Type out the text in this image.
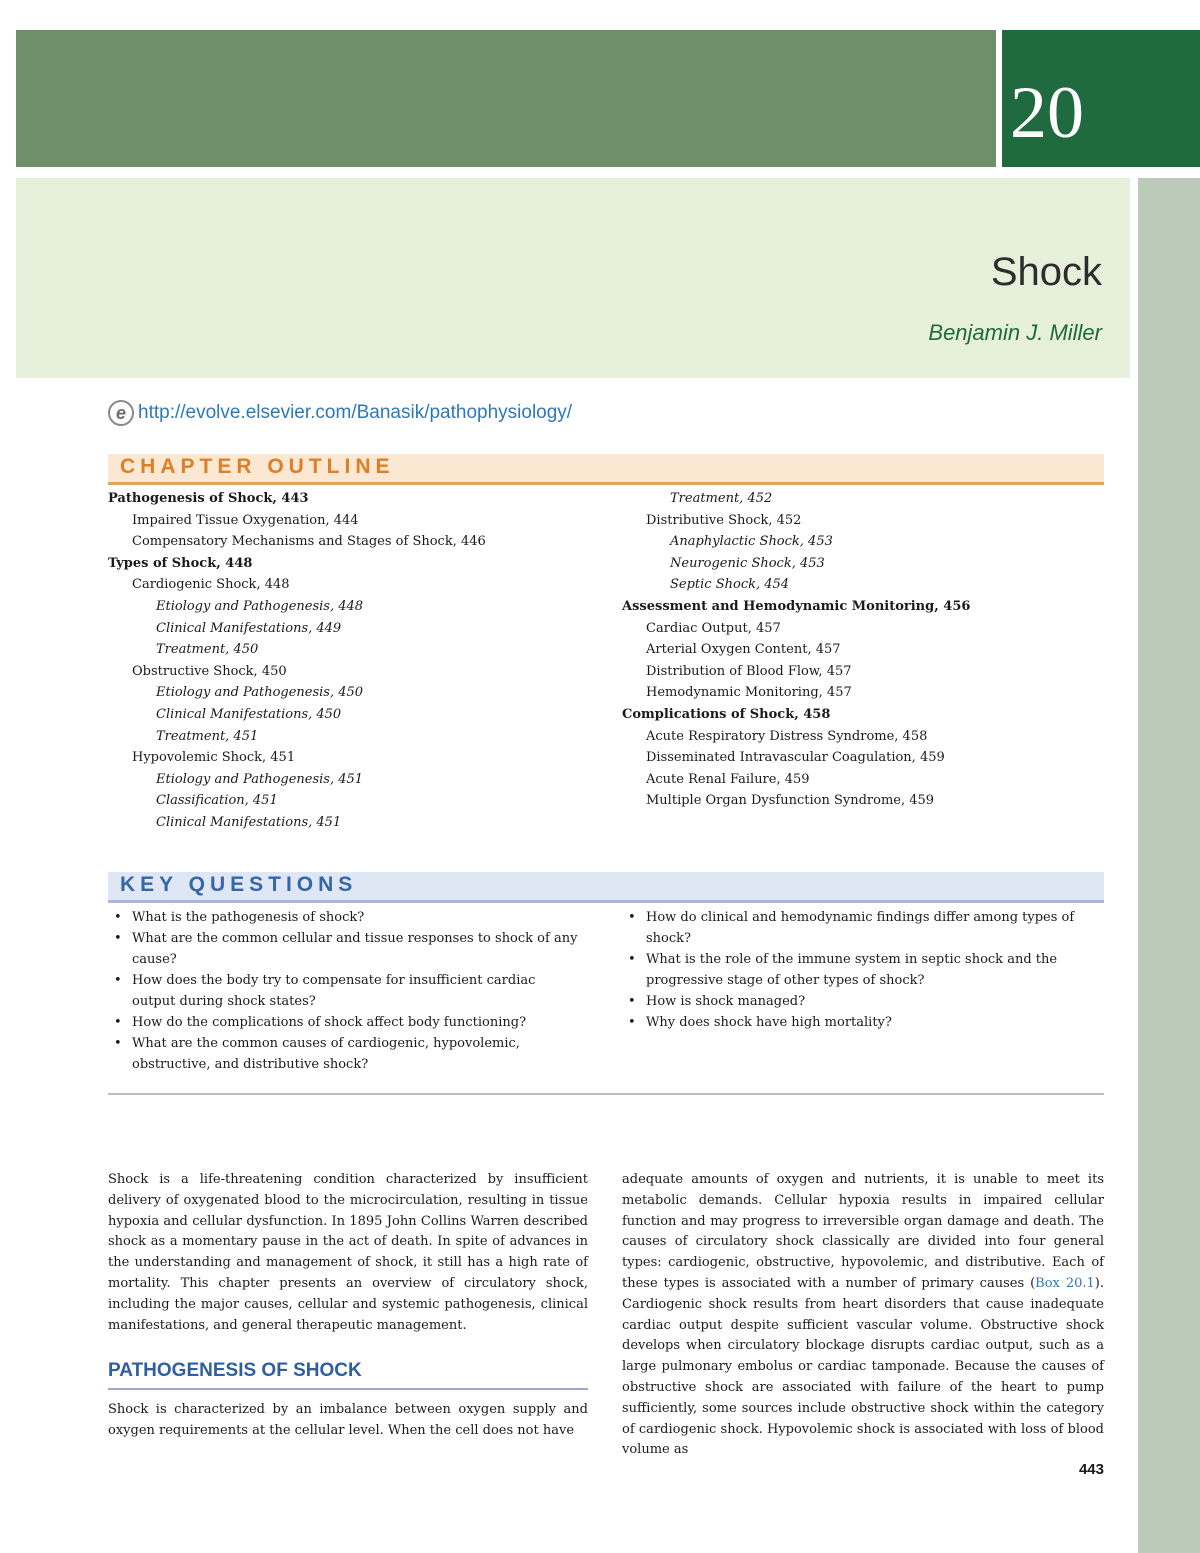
20
Shock
Benjamin J. Miller
e http://evolve.elsevier.com/Banasik/pathophysiology/
CHAPTER OUTLINE
Pathogenesis of Shock, 443
Impaired Tissue Oxygenation, 444
Compensatory Mechanisms and Stages of Shock, 446
Types of Shock, 448
Cardiogenic Shock, 448
Etiology and Pathogenesis, 448
Clinical Manifestations, 449
Treatment, 450
Obstructive Shock, 450
Etiology and Pathogenesis, 450
Clinical Manifestations, 450
Treatment, 451
Hypovolemic Shock, 451
Etiology and Pathogenesis, 451
Classification, 451
Clinical Manifestations, 451
Treatment, 452
Distributive Shock, 452
Anaphylactic Shock, 453
Neurogenic Shock, 453
Septic Shock, 454
Assessment and Hemodynamic Monitoring, 456
Cardiac Output, 457
Arterial Oxygen Content, 457
Distribution of Blood Flow, 457
Hemodynamic Monitoring, 457
Complications of Shock, 458
Acute Respiratory Distress Syndrome, 458
Disseminated Intravascular Coagulation, 459
Acute Renal Failure, 459
Multiple Organ Dysfunction Syndrome, 459
KEY QUESTIONS
• What is the pathogenesis of shock?
• What are the common cellular and tissue responses to shock of any cause?
• How does the body try to compensate for insufficient cardiac output during shock states?
• How do the complications of shock affect body functioning?
• What are the common causes of cardiogenic, hypovolemic, obstructive, and distributive shock?
• How do clinical and hemodynamic findings differ among types of shock?
• What is the role of the immune system in septic shock and the progressive stage of other types of shock?
• How is shock managed?
• Why does shock have high mortality?

Shock is a life-threatening condition characterized by insufficient delivery of oxygenated blood to the microcirculation, resulting in tissue hypoxia and cellular dysfunction. In 1895 John Collins Warren described shock as a momentary pause in the act of death. In spite of advances in the understanding and management of shock, it still has a high rate of mortality. This chapter presents an overview of circulatory shock, including the major causes, cellular and systemic pathogenesis, clinical manifestations, and general therapeutic management.

PATHOGENESIS OF SHOCK

Shock is characterized by an imbalance between oxygen supply and oxygen requirements at the cellular level. When the cell does not have

adequate amounts of oxygen and nutrients, it is unable to meet its metabolic demands. Cellular hypoxia results in impaired cellular function and may progress to irreversible organ damage and death. The causes of circulatory shock classically are divided into four general types: cardiogenic, obstructive, hypovolemic, and distributive. Each of these types is associated with a number of primary causes (Box 20.1). Cardiogenic shock results from heart disorders that cause inadequate cardiac output despite sufficient vascular volume. Obstructive shock develops when circulatory blockage disrupts cardiac output, such as a large pulmonary embolus or cardiac tamponade. Because the causes of obstructive shock are associated with failure of the heart to pump sufficiently, some sources include obstructive shock within the category of cardiogenic shock. Hypovolemic shock is associated with loss of blood volume as

443
